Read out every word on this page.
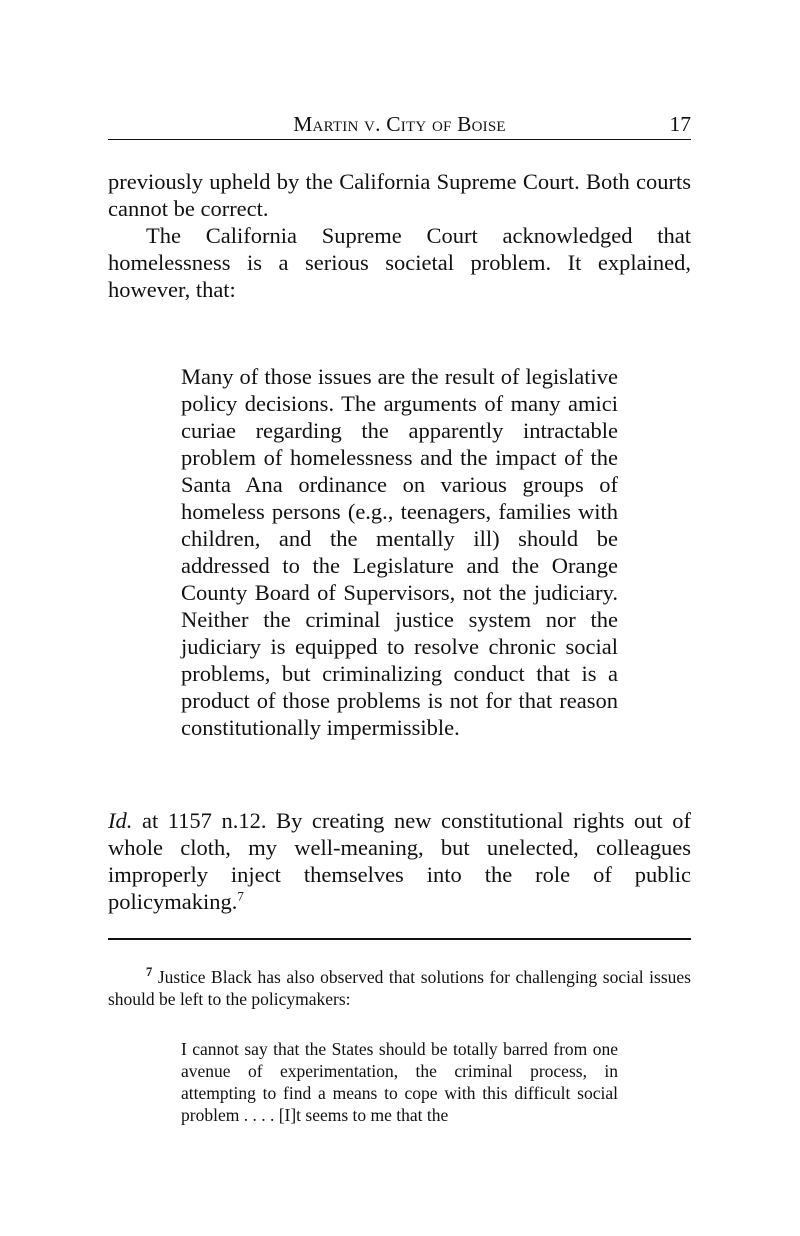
Martin v. City of Boise	17

previously upheld by the California Supreme Court. Both courts cannot be correct.

The California Supreme Court acknowledged that homelessness is a serious societal problem. It explained, however, that:

Many of those issues are the result of legislative policy decisions. The arguments of many amici curiae regarding the apparently intractable problem of homelessness and the impact of the Santa Ana ordinance on various groups of homeless persons (e.g., teenagers, families with children, and the mentally ill) should be addressed to the Legislature and the Orange County Board of Supervisors, not the judiciary. Neither the criminal justice system nor the judiciary is equipped to resolve chronic social problems, but criminalizing conduct that is a product of those problems is not for that reason constitutionally impermissible.

Id. at 1157 n.12. By creating new constitutional rights out of whole cloth, my well-meaning, but unelected, colleagues improperly inject themselves into the role of public policymaking.$^7$

$^7$ Justice Black has also observed that solutions for challenging social issues should be left to the policymakers:

I cannot say that the States should be totally barred from one avenue of experimentation, the criminal process, in attempting to find a means to cope with this difficult social problem . . . . [I]t seems to me that the
